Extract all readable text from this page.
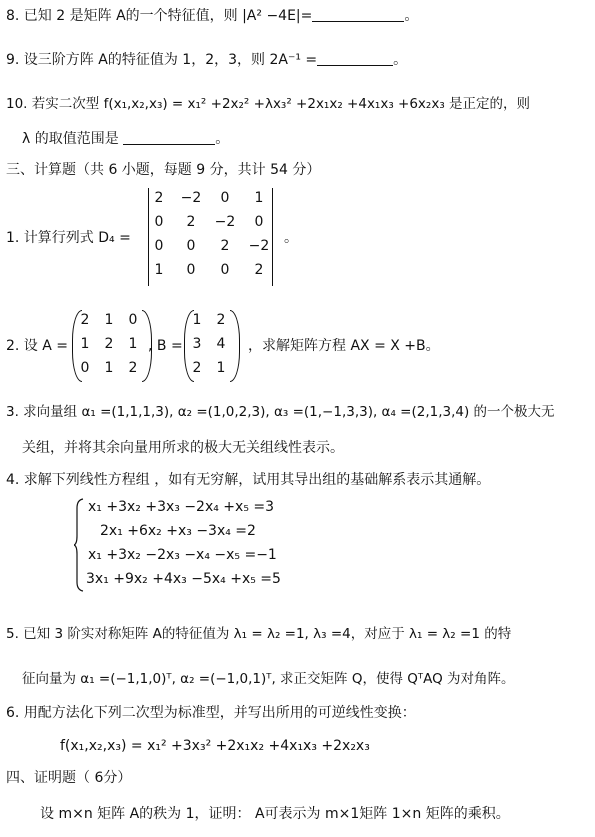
8. 已知 2 是矩阵 A的一个特征值，则 |A² −4E|=	。
9. 设三阶方阵 A的特征值为 1，2，3，则 2A⁻¹ =	。
10. 若实二次型 f(x₁,x₂,x₃) = x₁² +2x₂² +λx₃² +2x₁x₂ +4x₁x₃ +6x₂x₃ 是正定的，则
λ 的取值范围是	。
三、计算题（共 6 小题，每题 9 分，共计 54 分）
1. 计算行列式 D₄ =
2	−2	0	1
0	2	−2	0
0	0	2	−2
1	0	0	2
。
2. 设 A =
2	1	0
1	2	1
0	1	2
, B =
1	2
3	4
2	1
，求解矩阵方程 AX = X +B。
3. 求向量组 α₁ =(1,1,1,3), α₂ =(1,0,2,3), α₃ =(1,−1,3,3), α₄ =(2,1,3,4) 的一个极大无
关组，并将其余向量用所求的极大无关组线性表示。
4. 求解下列线性方程组 ，如有无穷解，试用其导出组的基础解系表示其通解。
x₁ +3x₂ +3x₃ −2x₄ +x₅ =3
2x₁ +6x₂ +x₃ −3x₄ =2
x₁ +3x₂ −2x₃ −x₄ −x₅ =−1
3x₁ +9x₂ +4x₃ −5x₄ +x₅ =5
5. 已知 3 阶实对称矩阵 A的特征值为 λ₁ = λ₂ =1, λ₃ =4，对应于 λ₁ = λ₂ =1 的特
征向量为 α₁ =(−1,1,0)ᵀ, α₂ =(−1,0,1)ᵀ, 求正交矩阵 Q，使得 QᵀAQ 为对角阵。
6. 用配方法化下列二次型为标准型，并写出所用的可逆线性变换：
f(x₁,x₂,x₃) = x₁² +3x₃² +2x₁x₂ +4x₁x₃ +2x₂x₃
四、证明题（ 6分）
设 m×n 矩阵 A的秩为 1，证明： A可表示为 m×1矩阵 1×n 矩阵的乘积。
